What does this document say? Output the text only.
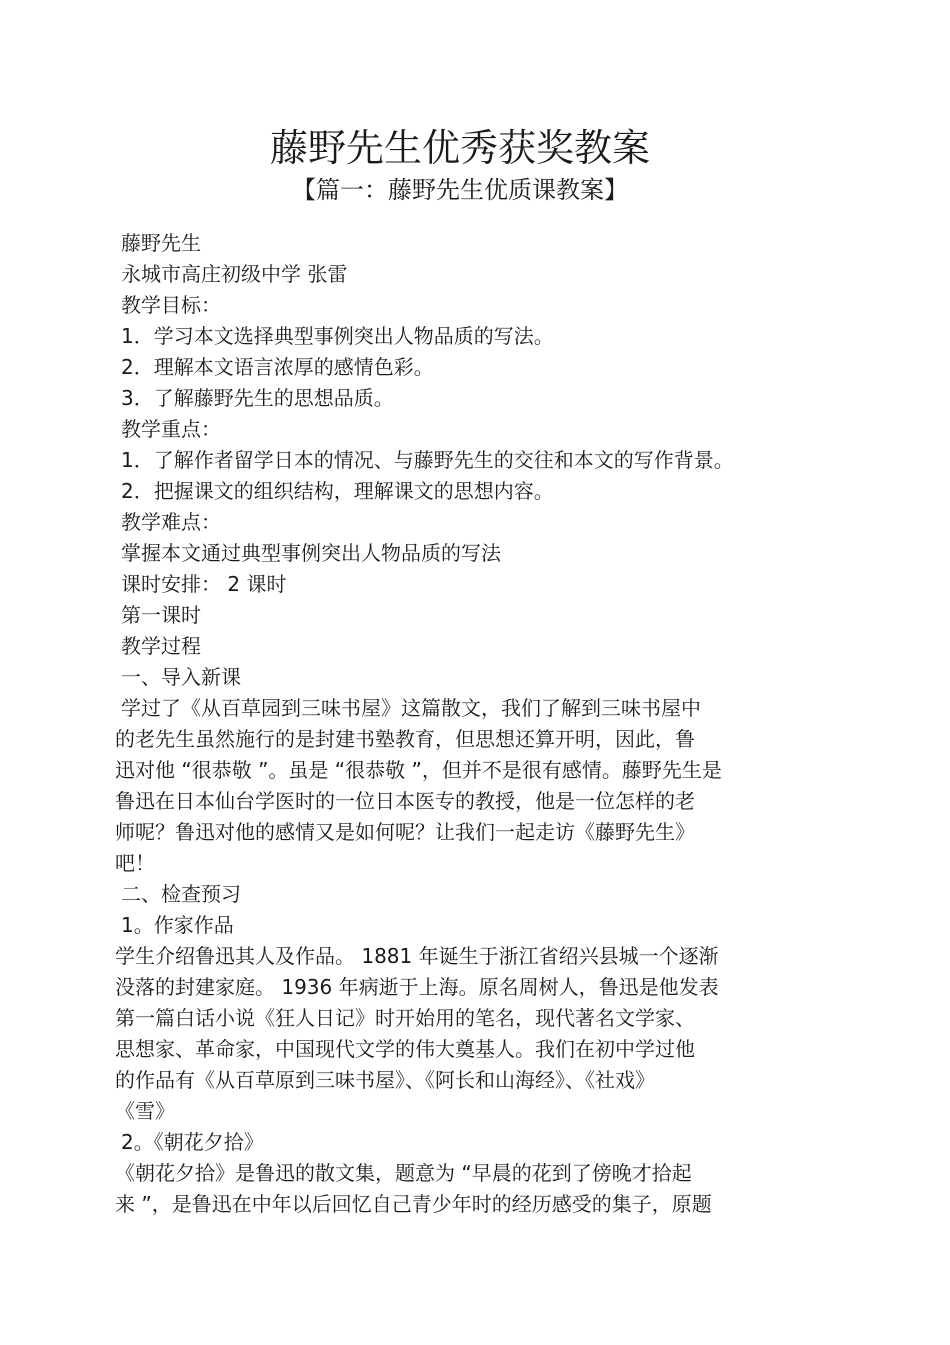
藤野先生优秀获奖教案
【篇一：藤野先生优质课教案】
藤野先生
永城市高庄初级中学 张雷
教学目标：
1．学习本文选择典型事例突出人物品质的写法。
2．理解本文语言浓厚的感情色彩。
3．了解藤野先生的思想品质。
教学重点：
1．了解作者留学日本的情况、与藤野先生的交往和本文的写作背景。
2．把握课文的组织结构，理解课文的思想内容。
教学难点：
掌握本文通过典型事例突出人物品质的写法
课时安排： 2 课时
第一课时
教学过程
一、导入新课
学过了《从百草园到三味书屋》这篇散文，我们了解到三味书屋中
的老先生虽然施行的是封建书塾教育，但思想还算开明，因此，鲁
迅对他 “很恭敬 ”。虽是 “很恭敬 ”，但并不是很有感情。藤野先生是
鲁迅在日本仙台学医时的一位日本医专的教授，他是一位怎样的老
师呢？鲁迅对他的感情又是如何呢？让我们一起走访《藤野先生》
吧！
二、检查预习
1。作家作品
学生介绍鲁迅其人及作品。 1881 年诞生于浙江省绍兴县城一个逐渐
没落的封建家庭。 1936 年病逝于上海。原名周树人，鲁迅是他发表
第一篇白话小说《狂人日记》时开始用的笔名，现代著名文学家、
思想家、革命家，中国现代文学的伟大奠基人。我们在初中学过他
的作品有《从百草原到三味书屋》、《阿长和山海经》、《社戏》
《雪》
2。《朝花夕拾》
《朝花夕拾》是鲁迅的散文集，题意为 “早晨的花到了傍晚才拾起
来 ”，是鲁迅在中年以后回忆自己青少年时的经历感受的集子，原题
